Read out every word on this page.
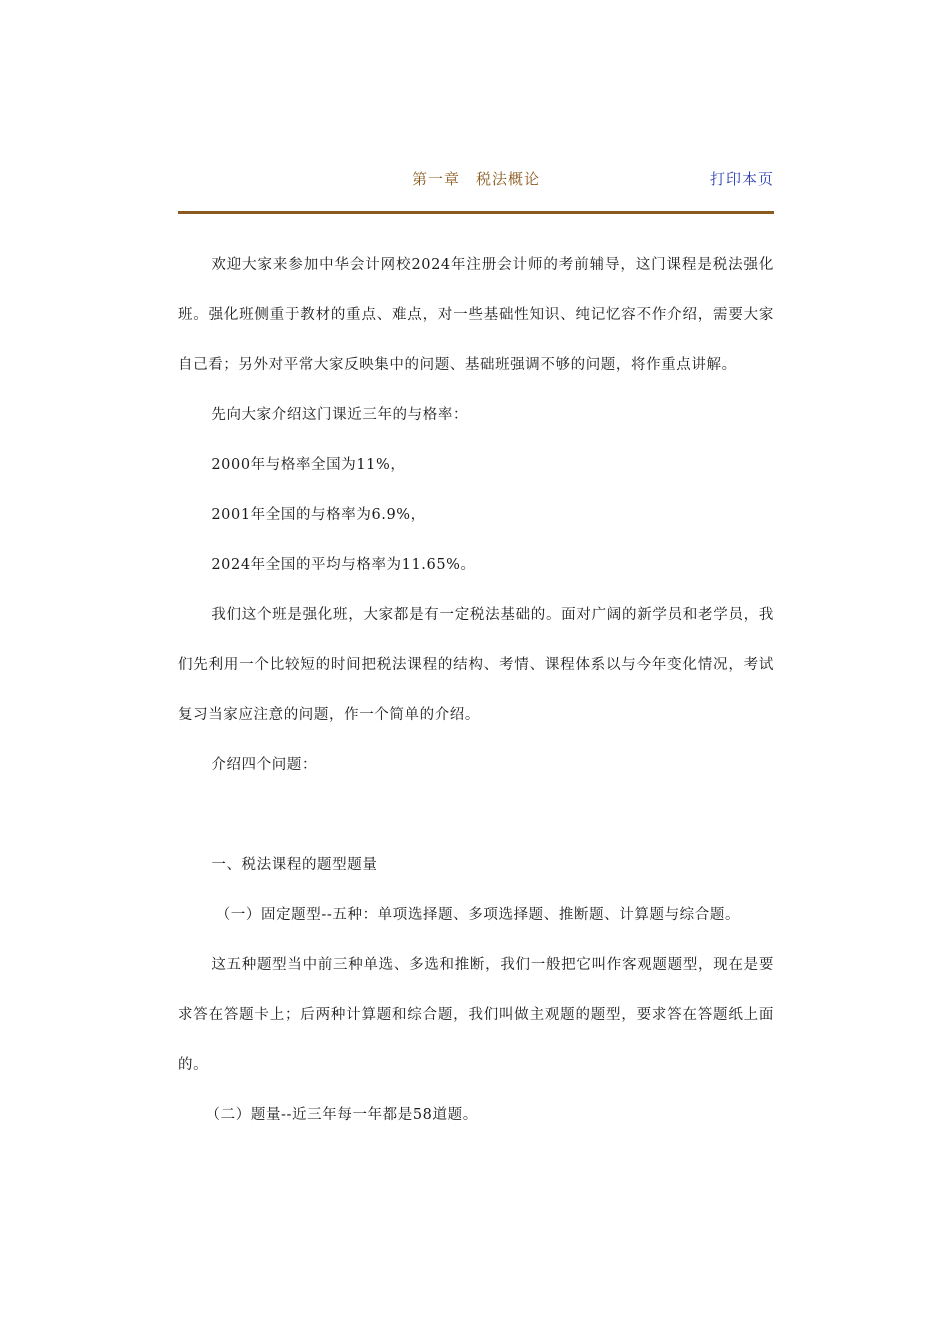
第一章　税法概论	打印本页

欢迎大家来参加中华会计网校2024年注册会计师的考前辅导，这门课程是税法强化班。强化班侧重于教材的重点、难点，对一些基础性知识、纯记忆容不作介绍，需要大家自己看；另外对平常大家反映集中的问题、基础班强调不够的问题，将作重点讲解。

先向大家介绍这门课近三年的与格率：

2000年与格率全国为11%，

2001年全国的与格率为6.9%，

2024年全国的平均与格率为11.65%。

我们这个班是强化班，大家都是有一定税法基础的。面对广阔的新学员和老学员，我们先利用一个比较短的时间把税法课程的结构、考情、课程体系以与今年变化情况，考试复习当家应注意的问题，作一个简单的介绍。

介绍四个问题：

一、税法课程的题型题量

（一）固定题型--五种：单项选择题、多项选择题、推断题、计算题与综合题。

这五种题型当中前三种单选、多选和推断，我们一般把它叫作客观题题型，现在是要求答在答题卡上；后两种计算题和综合题，我们叫做主观题的题型，要求答在答题纸上面的。

（二）题量--近三年每一年都是58道题。
